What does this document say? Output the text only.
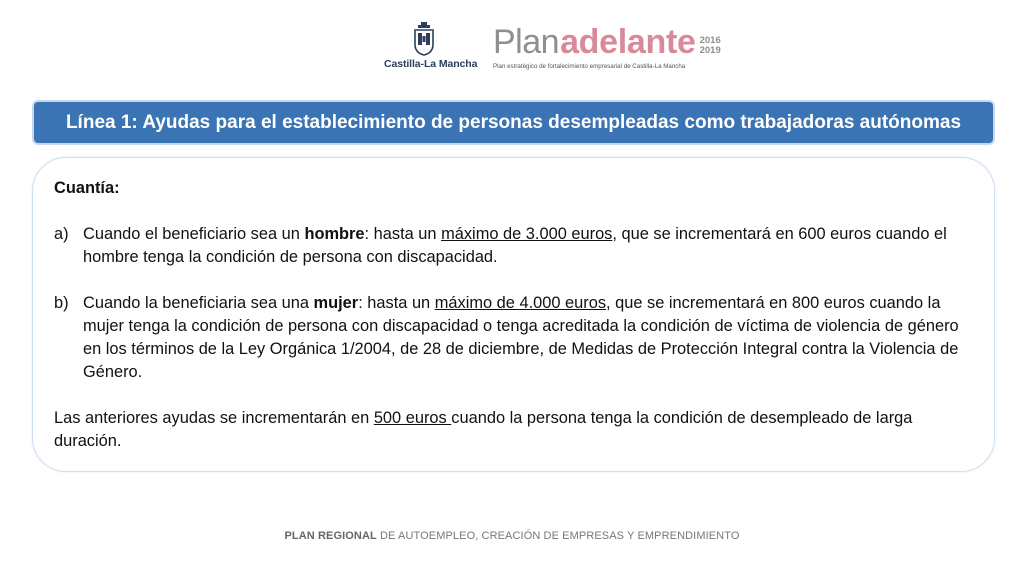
Castilla-La Mancha
Plan adelante 2016
2019
Plan estratégico de fortalecimiento empresarial de Castilla-La Mancha
Línea 1: Ayudas para el establecimiento de personas desempleadas como trabajadoras autónomas
Cuantía:
a) Cuando el beneficiario sea un hombre: hasta un máximo de 3.000 euros, que se incrementará en 600 euros cuando el hombre tenga la condición de persona con discapacidad.
b) Cuando la beneficiaria sea una mujer: hasta un máximo de 4.000 euros, que se incrementará en 800 euros cuando la mujer tenga la condición de persona con discapacidad o tenga acreditada la condición de víctima de violencia de género en los términos de la Ley Orgánica 1/2004, de 28 de diciembre, de Medidas de Protección Integral contra la Violencia de Género.
Las anteriores ayudas se incrementarán en 500 euros cuando la persona tenga la condición de desempleado de larga duración.
PLAN REGIONAL DE AUTOEMPLEO, CREACIÓN DE EMPRESAS Y EMPRENDIMIENTO
